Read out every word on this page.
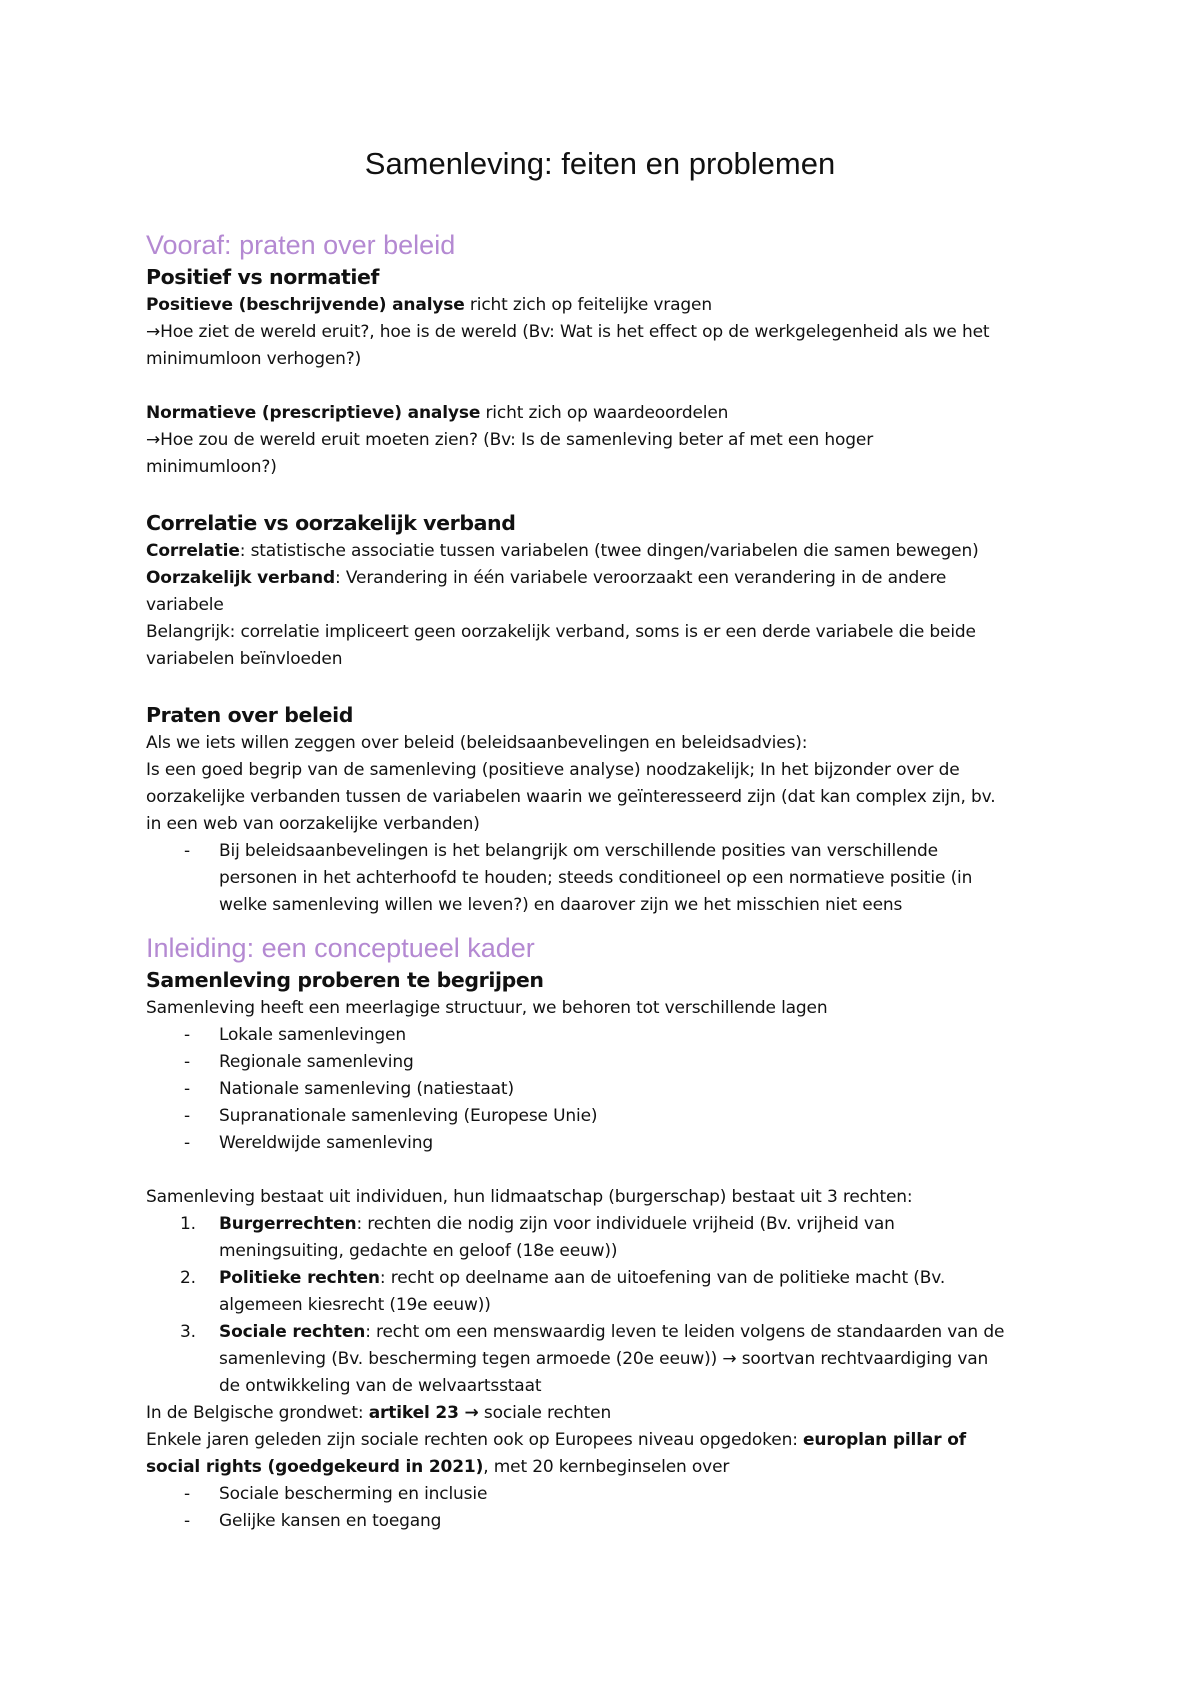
Samenleving: feiten en problemen
Vooraf: praten over beleid
Positief vs normatief
Positieve (beschrijvende) analyse richt zich op feitelijke vragen
→Hoe ziet de wereld eruit?, hoe is de wereld (Bv: Wat is het effect op de werkgelegenheid als we het
minimumloon verhogen?)
Normatieve (prescriptieve) analyse richt zich op waardeoordelen
→Hoe zou de wereld eruit moeten zien? (Bv: Is de samenleving beter af met een hoger
minimumloon?)
Correlatie vs oorzakelijk verband
Correlatie: statistische associatie tussen variabelen (twee dingen/variabelen die samen bewegen)
Oorzakelijk verband: Verandering in één variabele veroorzaakt een verandering in de andere
variabele
Belangrijk: correlatie impliceert geen oorzakelijk verband, soms is er een derde variabele die beide
variabelen beïnvloeden
Praten over beleid
Als we iets willen zeggen over beleid (beleidsaanbevelingen en beleidsadvies):
Is een goed begrip van de samenleving (positieve analyse) noodzakelijk; In het bijzonder over de
oorzakelijke verbanden tussen de variabelen waarin we geïnteresseerd zijn (dat kan complex zijn, bv.
in een web van oorzakelijke verbanden)
-	Bij beleidsaanbevelingen is het belangrijk om verschillende posities van verschillende
personen in het achterhoofd te houden; steeds conditioneel op een normatieve positie (in
welke samenleving willen we leven?) en daarover zijn we het misschien niet eens
Inleiding: een conceptueel kader
Samenleving proberen te begrijpen
Samenleving heeft een meerlagige structuur, we behoren tot verschillende lagen
-	Lokale samenlevingen
-	Regionale samenleving
-	Nationale samenleving (natiestaat)
-	Supranationale samenleving (Europese Unie)
-	Wereldwijde samenleving
Samenleving bestaat uit individuen, hun lidmaatschap (burgerschap) bestaat uit 3 rechten:
1. Burgerrechten: rechten die nodig zijn voor individuele vrijheid (Bv. vrijheid van
meningsuiting, gedachte en geloof (18e eeuw))
2. Politieke rechten: recht op deelname aan de uitoefening van de politieke macht (Bv.
algemeen kiesrecht (19e eeuw))
3. Sociale rechten: recht om een menswaardig leven te leiden volgens de standaarden van de
samenleving (Bv. bescherming tegen armoede (20e eeuw)) → soortvan rechtvaardiging van
de ontwikkeling van de welvaartsstaat
In de Belgische grondwet: artikel 23 → sociale rechten
Enkele jaren geleden zijn sociale rechten ook op Europees niveau opgedoken: europlan pillar of
social rights (goedgekeurd in 2021), met 20 kernbeginselen over
-	Sociale bescherming en inclusie
-	Gelijke kansen en toegang
